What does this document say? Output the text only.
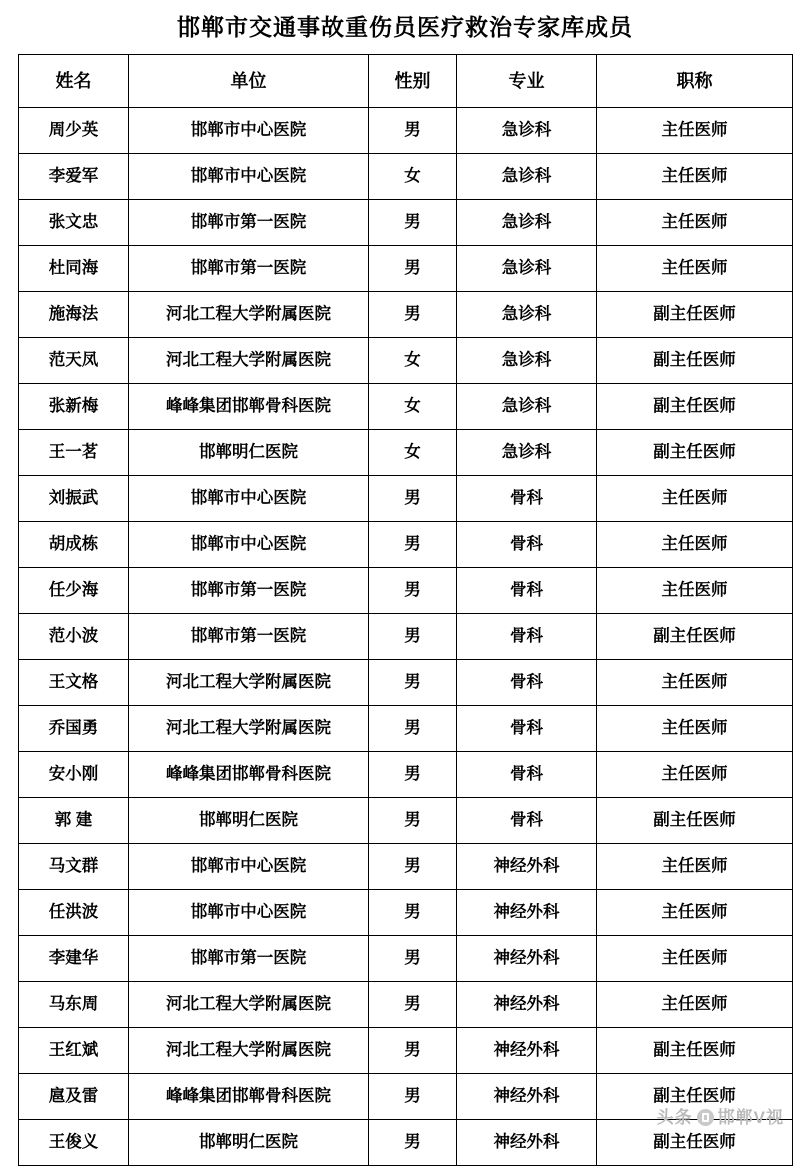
邯郸市交通事故重伤员医疗救治专家库成员
姓名	单位	性别	专业	职称
周少英	邯郸市中心医院	男	急诊科	主任医师
李爱军	邯郸市中心医院	女	急诊科	主任医师
张文忠	邯郸市第一医院	男	急诊科	主任医师
杜同海	邯郸市第一医院	男	急诊科	主任医师
施海法	河北工程大学附属医院	男	急诊科	副主任医师
范天凤	河北工程大学附属医院	女	急诊科	副主任医师
张新梅	峰峰集团邯郸骨科医院	女	急诊科	副主任医师
王一茗	邯郸明仁医院	女	急诊科	副主任医师
刘振武	邯郸市中心医院	男	骨科	主任医师
胡成栋	邯郸市中心医院	男	骨科	主任医师
任少海	邯郸市第一医院	男	骨科	主任医师
范小波	邯郸市第一医院	男	骨科	副主任医师
王文格	河北工程大学附属医院	男	骨科	主任医师
乔国勇	河北工程大学附属医院	男	骨科	主任医师
安小刚	峰峰集团邯郸骨科医院	男	骨科	主任医师
郭 建	邯郸明仁医院	男	骨科	副主任医师
马文群	邯郸市中心医院	男	神经外科	主任医师
任洪波	邯郸市中心医院	男	神经外科	主任医师
李建华	邯郸市第一医院	男	神经外科	主任医师
马东周	河北工程大学附属医院	男	神经外科	主任医师
王红斌	河北工程大学附属医院	男	神经外科	副主任医师
扈及雷	峰峰集团邯郸骨科医院	男	神经外科	副主任医师
王俊义	邯郸明仁医院	男	神经外科	副主任医师
头条 邯郸V视
